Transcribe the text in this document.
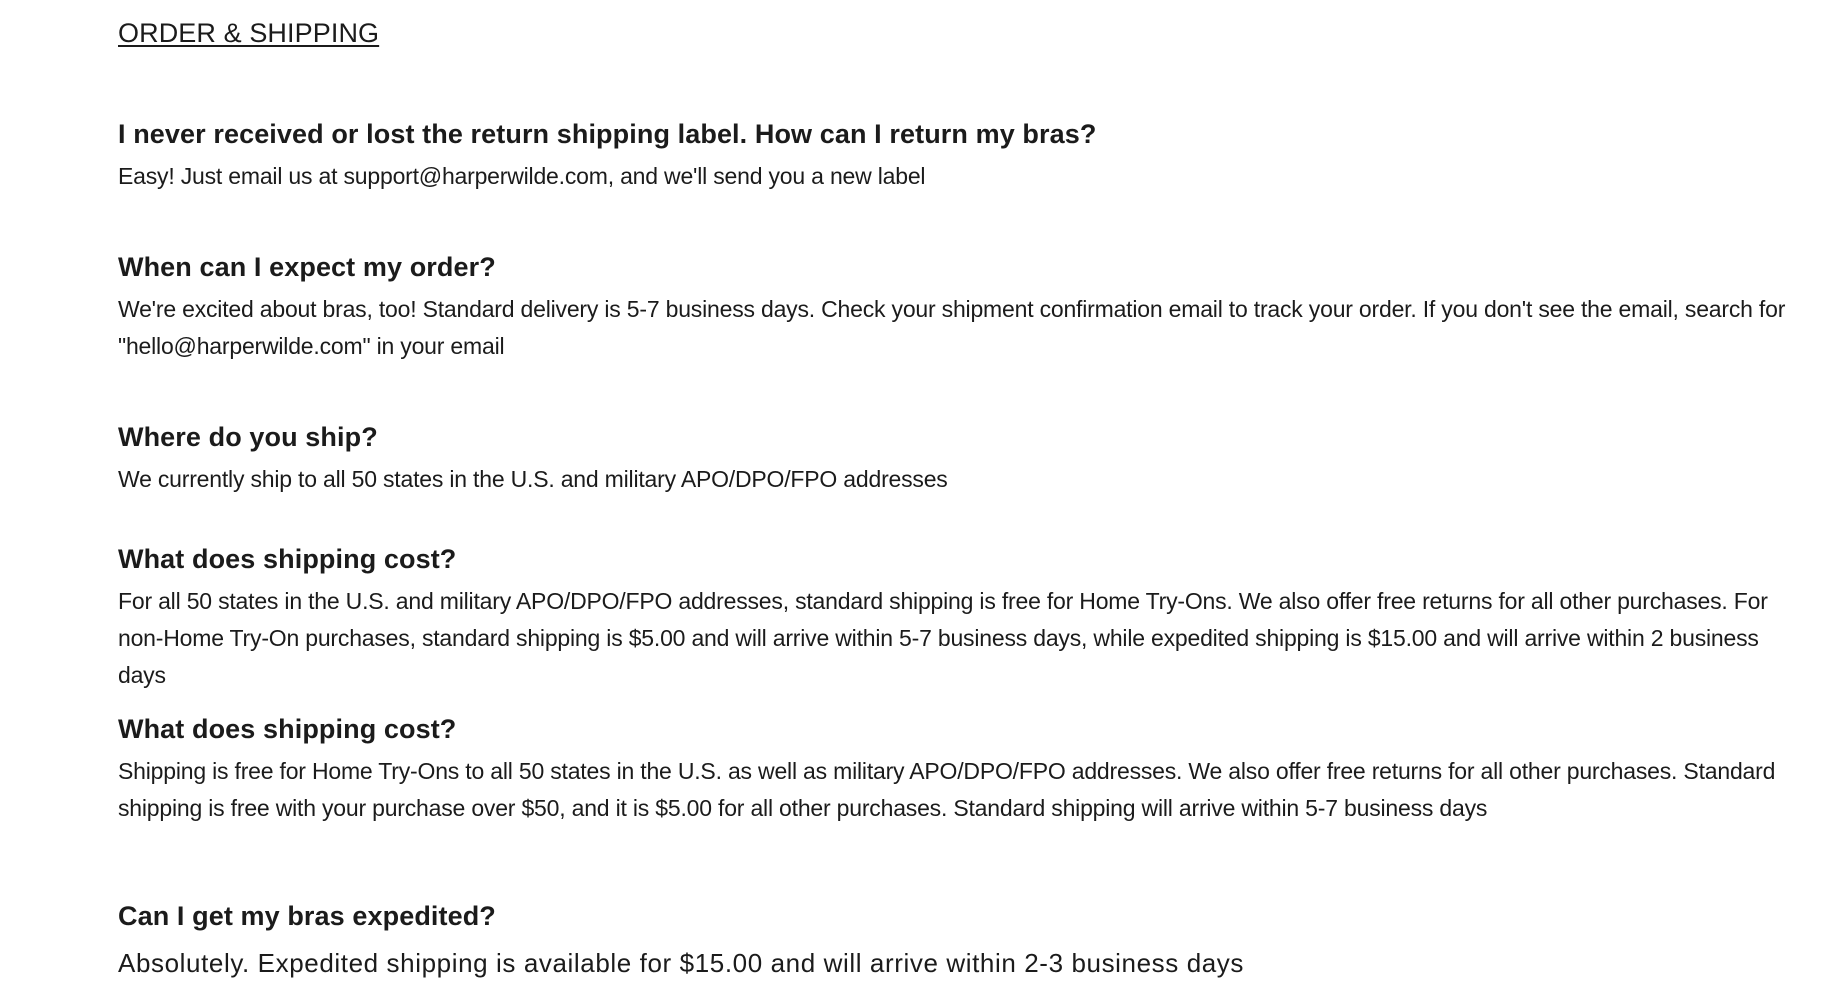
ORDER & SHIPPING
I never received or lost the return shipping label. How can I return my bras?

Easy! Just email us at support@harperwilde.com, and we'll send you a new label

When can I expect my order?

We're excited about bras, too! Standard delivery is 5-7 business days. Check your shipment confirmation email to track your order. If you don't see the email, search for "hello@harperwilde.com" in your email

Where do you ship?

We currently ship to all 50 states in the U.S. and military APO/DPO/FPO addresses

What does shipping cost?

For all 50 states in the U.S. and military APO/DPO/FPO addresses, standard shipping is free for Home Try-Ons. We also offer free returns for all other purchases. For non-Home Try-On purchases, standard shipping is $5.00 and will arrive within 5-7 business days, while expedited shipping is $15.00 and will arrive within 2 business days

What does shipping cost?

Shipping is free for Home Try-Ons to all 50 states in the U.S. as well as military APO/DPO/FPO addresses. We also offer free returns for all other purchases. Standard shipping is free with your purchase over $50, and it is $5.00 for all other purchases. Standard shipping will arrive within 5-7 business days

Can I get my bras expedited?

Absolutely. Expedited shipping is available for $15.00 and will arrive within 2-3 business days
